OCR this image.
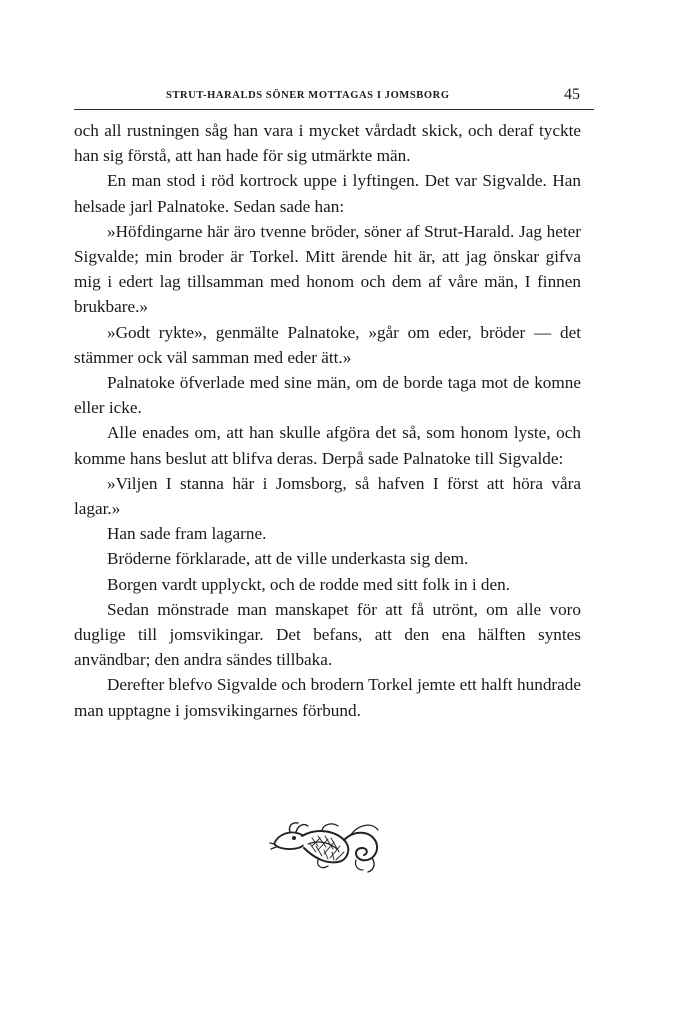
STRUT-HARALDS SÖNER MOTTAGAS I JOMSBORG	45

och all rustningen såg han vara i mycket vårdadt skick, och deraf tyckte han sig förstå, att han hade för sig utmärkte män.

En man stod i röd kortrock uppe i lyftingen. Det var Sigvalde. Han helsade jarl Palnatoke. Sedan sade han:

»Höfdingarne här äro tvenne bröder, söner af Strut-Harald. Jag heter Sigvalde; min broder är Torkel. Mitt ärende hit är, att jag önskar gifva mig i edert lag tillsamman med honom och dem af våre män, I finnen brukbare.»

»Godt rykte», genmälte Palnatoke, »går om eder, bröder — det stämmer ock väl samman med eder ätt.»

Palnatoke öfverlade med sine män, om de borde taga mot de komne eller icke.

Alle enades om, att han skulle afgöra det så, som honom lyste, och komme hans beslut att blifva deras. Derpå sade Palnatoke till Sigvalde:

»Viljen I stanna här i Jomsborg, så hafven I först att höra våra lagar.»

Han sade fram lagarne.

Bröderne förklarade, att de ville underkasta sig dem.

Borgen vardt upplyckt, och de rodde med sitt folk in i den.

Sedan mönstrade man manskapet för att få utrönt, om alle voro duglige till jomsvikingar. Det befans, att den ena hälften syntes användbar; den andra sändes tillbaka.

Derefter blefvo Sigvalde och brodern Torkel jemte ett halft hundrade man upptagne i jomsvikingarnes förbund.
